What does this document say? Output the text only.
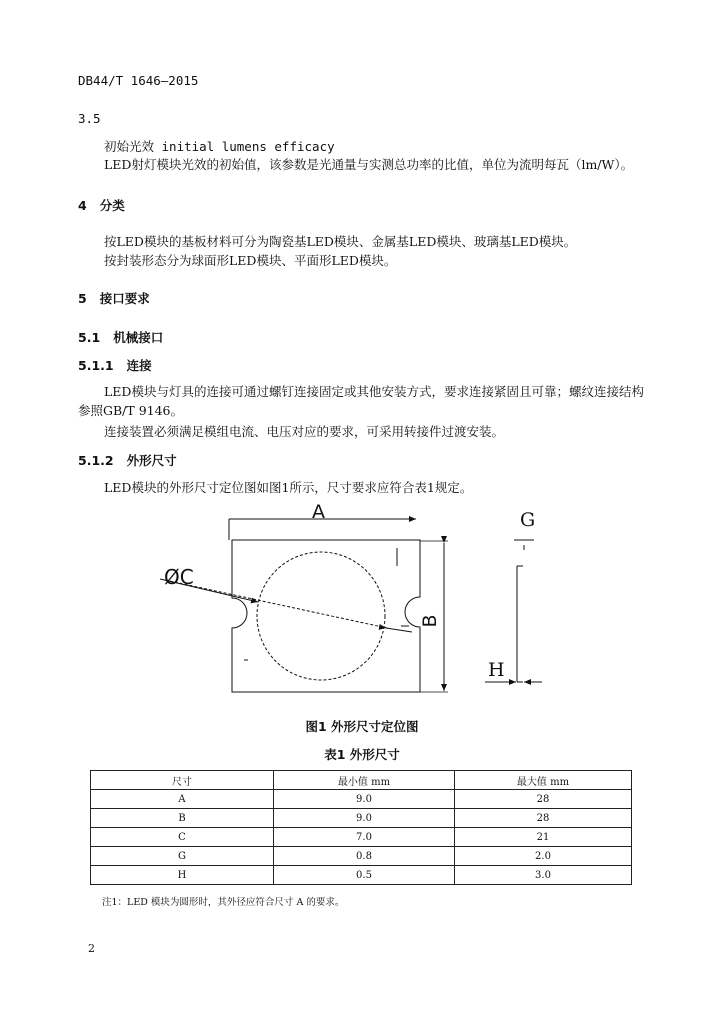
DB44/T 1646—2015
3.5
初始光效 initial lumens efficacy
LED射灯模块光效的初始值，该参数是光通量与实测总功率的比值，单位为流明每瓦（lm/W）。
4 分类
按LED模块的基板材料可分为陶瓷基LED模块、金属基LED模块、玻璃基LED模块。
按封装形态分为球面形LED模块、平面形LED模块。
5 接口要求
5.1 机械接口
5.1.1 连接
LED模块与灯具的连接可通过螺钉连接固定或其他安装方式，要求连接紧固且可靠；螺纹连接结构
参照GB/T 9146。
连接装置必须满足模组电流、电压对应的要求，可采用转接件过渡安装。
5.1.2 外形尺寸
LED模块的外形尺寸定位图如图1所示，尺寸要求应符合表1规定。
A
B
ØC
G
H
图1 外形尺寸定位图
表1 外形尺寸
尺寸	最小值 mm	最大值 mm
A	9.0	28
B	9.0	28
C	7.0	21
G	0.8	2.0
H	0.5	3.0
注1：LED 模块为圆形时，其外径应符合尺寸 A 的要求。
2
